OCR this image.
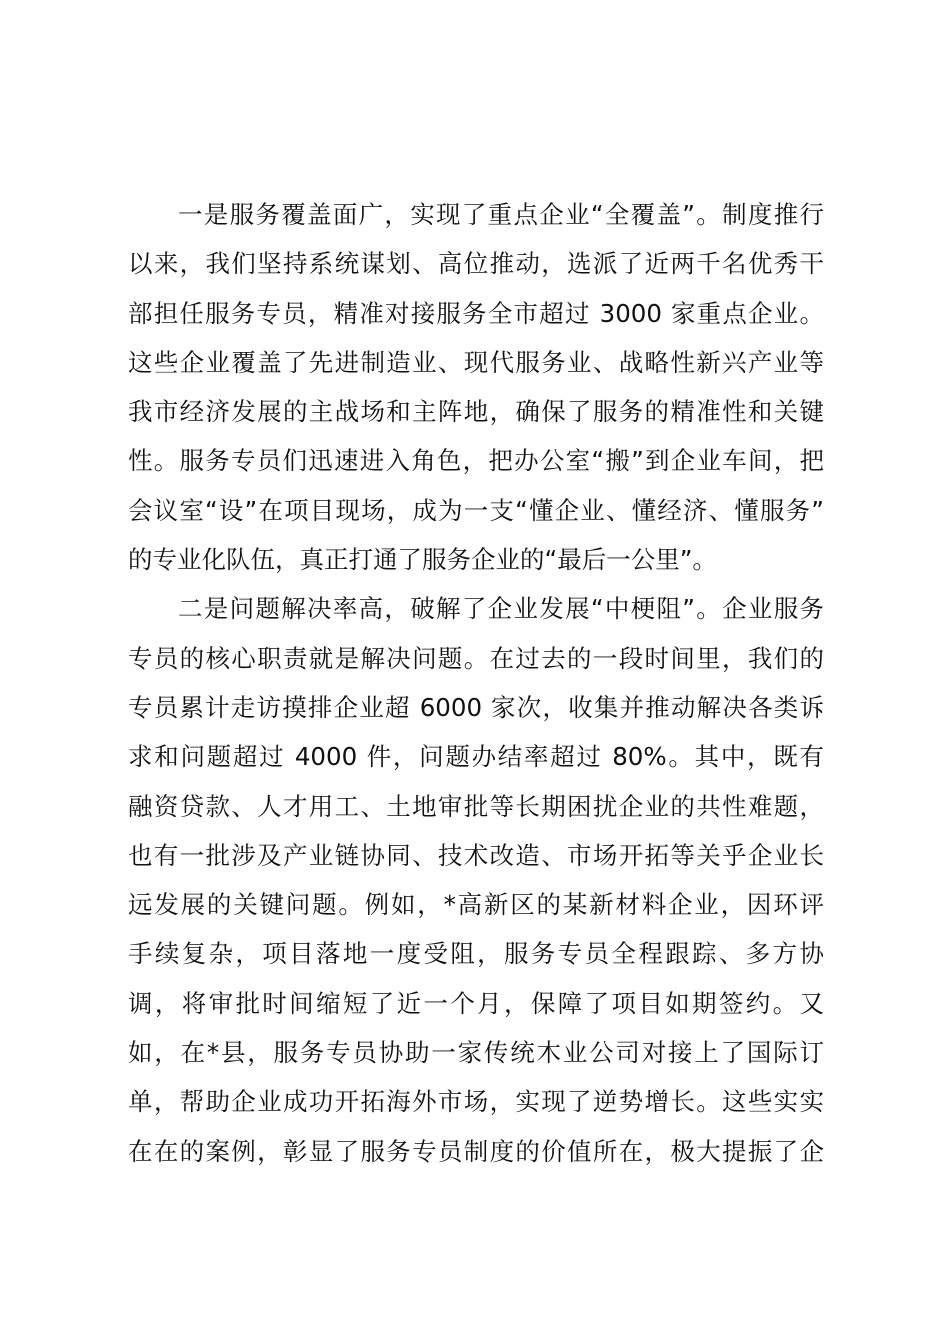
一是服务覆盖面广，实现了重点企业“全覆盖”。制度推行
以来，我们坚持系统谋划、高位推动，选派了近两千名优秀干
部担任服务专员，精准对接服务全市超过 3000 家重点企业。
这些企业覆盖了先进制造业、现代服务业、战略性新兴产业等
我市经济发展的主战场和主阵地，确保了服务的精准性和关键
性。服务专员们迅速进入角色，把办公室“搬”到企业车间，把
会议室“设”在项目现场，成为一支“懂企业、懂经济、懂服务”
的专业化队伍，真正打通了服务企业的“最后一公里”。
二是问题解决率高，破解了企业发展“中梗阻”。企业服务
专员的核心职责就是解决问题。在过去的一段时间里，我们的
专员累计走访摸排企业超 6000 家次，收集并推动解决各类诉
求和问题超过 4000 件，问题办结率超过 80%。其中，既有
融资贷款、人才用工、土地审批等长期困扰企业的共性难题，
也有一批涉及产业链协同、技术改造、市场开拓等关乎企业长
远发展的关键问题。例如，*高新区的某新材料企业，因环评
手续复杂，项目落地一度受阻，服务专员全程跟踪、多方协
调，将审批时间缩短了近一个月，保障了项目如期签约。又
如，在*县，服务专员协助一家传统木业公司对接上了国际订
单，帮助企业成功开拓海外市场，实现了逆势增长。这些实实
在在的案例，彰显了服务专员制度的价值所在，极大提振了企
